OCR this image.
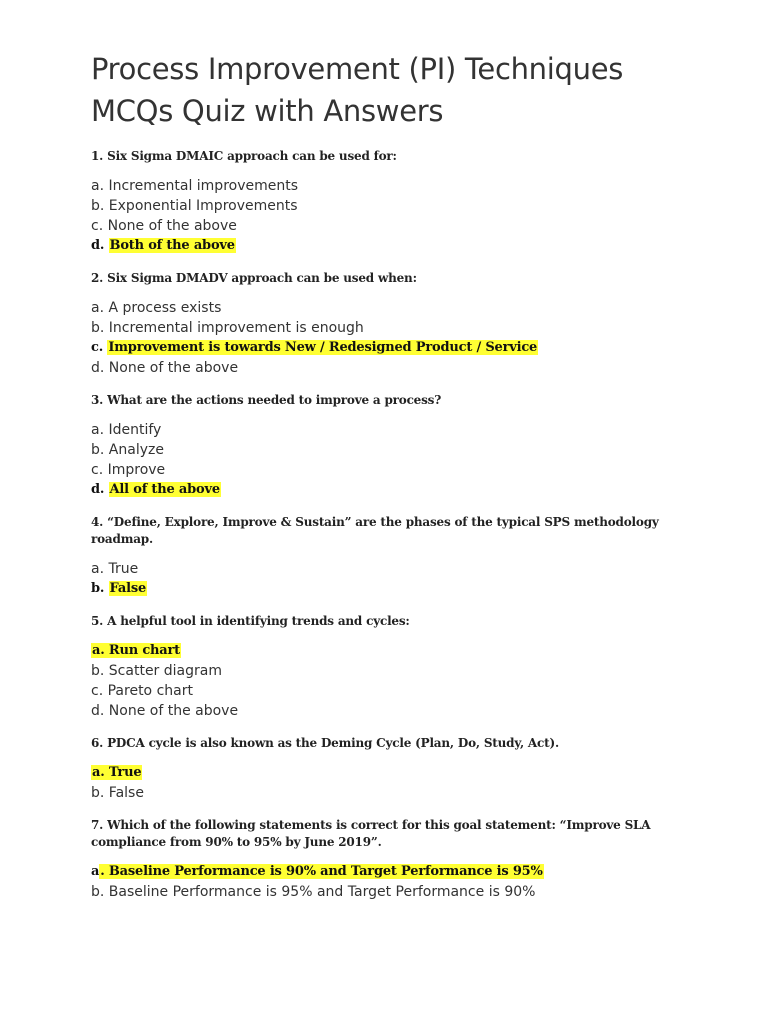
Process Improvement (PI) Techniques MCQs Quiz with Answers

1. Six Sigma DMAIC approach can be used for:

a. Incremental improvements
b. Exponential Improvements
c. None of the above
d. Both of the above

2. Six Sigma DMADV approach can be used when:

a. A process exists
b. Incremental improvement is enough
c. Improvement is towards New / Redesigned Product / Service
d. None of the above

3. What are the actions needed to improve a process?

a. Identify
b. Analyze
c. Improve
d. All of the above

4. “Define, Explore, Improve & Sustain” are the phases of the typical SPS methodology roadmap.

a. True
b. False

5. A helpful tool in identifying trends and cycles:

a. Run chart
b. Scatter diagram
c. Pareto chart
d. None of the above

6. PDCA cycle is also known as the Deming Cycle (Plan, Do, Study, Act).

a. True
b. False

7. Which of the following statements is correct for this goal statement: “Improve SLA compliance from 90% to 95% by June 2019”.

a. Baseline Performance is 90% and Target Performance is 95%
b. Baseline Performance is 95% and Target Performance is 90%
